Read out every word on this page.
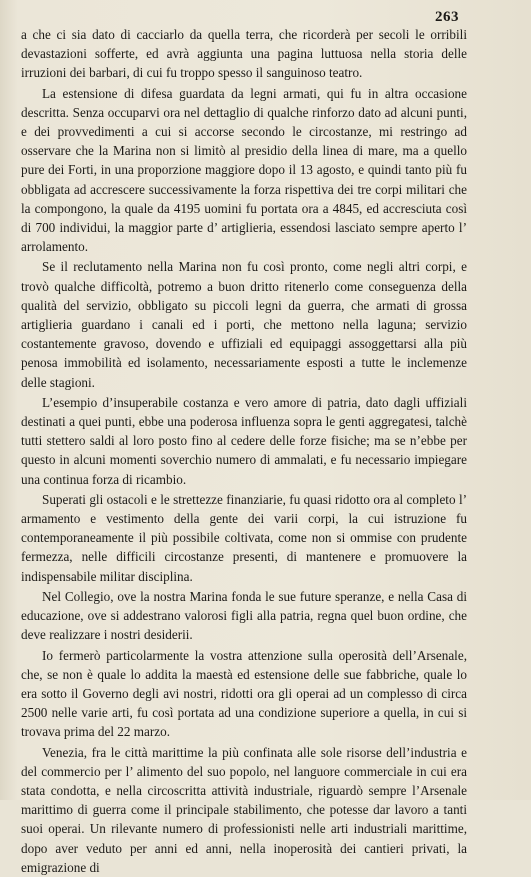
263

a che ci sia dato di cacciarlo da quella terra, che ricorderà per secoli le orribili devastazioni sofferte, ed avrà aggiunta una pagina luttuosa nella storia delle irruzioni dei barbari, di cui fu troppo spesso il sanguinoso teatro.

La estensione di difesa guardata da legni armati, qui fu in altra occasione descritta. Senza occuparvi ora nel dettaglio di qualche rinforzo dato ad alcuni punti, e dei provvedimenti a cui si accorse secondo le circostanze, mi restringo ad osservare che la Marina non si limitò al presidio della linea di mare, ma a quello pure dei Forti, in una proporzione maggiore dopo il 13 agosto, e quindi tanto più fu obbligata ad accrescere successivamente la forza rispettiva dei tre corpi militari che la compongono, la quale da 4195 uomini fu portata ora a 4845, ed accresciuta così di 700 individui, la maggior parte d’ artiglieria, essendosi lasciato sempre aperto l’ arrolamento.

Se il reclutamento nella Marina non fu così pronto, come negli altri corpi, e trovò qualche difficoltà, potremo a buon dritto ritenerlo come conseguenza della qualità del servizio, obbligato su piccoli legni da guerra, che armati di grossa artiglieria guardano i canali ed i porti, che mettono nella laguna; servizio costantemente gravoso, dovendo e uffiziali ed equipaggi assoggettarsi alla più penosa immobilità ed isolamento, necessariamente esposti a tutte le inclemenze delle stagioni.

L’esempio d’insuperabile costanza e vero amore di patria, dato dagli uffiziali destinati a quei punti, ebbe una poderosa influenza sopra le genti aggregatesi, talchè tutti stettero saldi al loro posto fino al cedere delle forze fisiche; ma se n’ebbe per questo in alcuni momenti soverchio numero di ammalati, e fu necessario impiegare una continua forza di ricambio.

Superati gli ostacoli e le strettezze finanziarie, fu quasi ridotto ora al completo l’ armamento e vestimento della gente dei varii corpi, la cui istruzione fu contemporaneamente il più possibile coltivata, come non si ommise con prudente fermezza, nelle difficili circostanze presenti, di mantenere e promuovere la indispensabile militar disciplina.

Nel Collegio, ove la nostra Marina fonda le sue future speranze, e nella Casa di educazione, ove si addestrano valorosi figli alla patria, regna quel buon ordine, che deve realizzare i nostri desiderii.

Io fermerò particolarmente la vostra attenzione sulla operosità dell’Arsenale, che, se non è quale lo addita la maestà ed estensione delle sue fabbriche, quale lo era sotto il Governo degli avi nostri, ridotti ora gli operai ad un complesso di circa 2500 nelle varie arti, fu così portata ad una condizione superiore a quella, in cui si trovava prima del 22 marzo.

Venezia, fra le città marittime la più confinata alle sole risorse dell’industria e del commercio per l’ alimento del suo popolo, nel languore commerciale in cui era stata condotta, e nella circoscritta attività industriale, riguardò sempre l’Arsenale marittimo di guerra come il principale stabilimento, che potesse dar lavoro a tanti suoi operai. Un rilevante numero di professionisti nelle arti industriali marittime, dopo aver veduto per anni ed anni, nella inoperosità dei cantieri privati, la emigrazione di
